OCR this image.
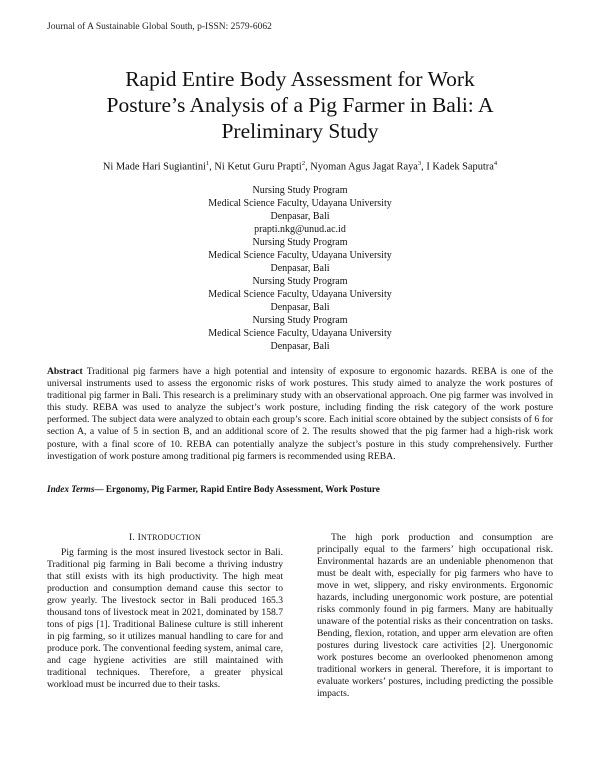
Journal of A Sustainable Global South, p-ISSN: 2579-6062
Rapid Entire Body Assessment for Work
Posture’s Analysis of a Pig Farmer in Bali: A
Preliminary Study
Ni Made Hari Sugiantini$^1$, Ni Ketut Guru Prapti$^2$, Nyoman Agus Jagat Raya$^3$, I Kadek Saputra$^4$
Nursing Study Program
Medical Science Faculty, Udayana University
Denpasar, Bali
prapti.nkg@unud.ac.id
Nursing Study Program
Medical Science Faculty, Udayana University
Denpasar, Bali
Nursing Study Program
Medical Science Faculty, Udayana University
Denpasar, Bali
Nursing Study Program
Medical Science Faculty, Udayana University
Denpasar, Bali
Abstract Traditional pig farmers have a high potential and intensity of exposure to ergonomic hazards. REBA is one of the universal instruments used to assess the ergonomic risks of work postures. This study aimed to analyze the work postures of traditional pig farmer in Bali. This research is a preliminary study with an observational approach. One pig farmer was involved in this study. REBA was used to analyze the subject’s work posture, including finding the risk category of the work posture performed. The subject data were analyzed to obtain each group’s score. Each initial score obtained by the subject consists of 6 for section A, a value of 5 in section B, and an additional score of 2. The results showed that the pig farmer had a high-risk work posture, with a final score of 10. REBA can potentially analyze the subject’s posture in this study comprehensively. Further investigation of work posture among traditional pig farmers is recommended using REBA.
Index Terms— Ergonomy, Pig Farmer, Rapid Entire Body Assessment, Work Posture
I. INTRODUCTION

Pig farming is the most insured livestock sector in Bali. Traditional pig farming in Bali become a thriving industry that still exists with its high productivity. The high meat production and consumption demand cause this sector to grow yearly. The livestock sector in Bali produced 165.3 thousand tons of livestock meat in 2021, dominated by 158.7 tons of pigs [1]. Traditional Balinese culture is still inherent in pig farming, so it utilizes manual handling to care for and produce pork. The conventional feeding system, animal care, and cage hygiene activities are still maintained with traditional techniques. Therefore, a greater physical workload must be incurred due to their tasks.

The high pork production and consumption are principally equal to the farmers’ high occupational risk. Environmental hazards are an undeniable phenomenon that must be dealt with, especially for pig farmers who have to move in wet, slippery, and risky environments. Ergonomic hazards, including unergonomic work posture, are potential risks commonly found in pig farmers. Many are habitually unaware of the potential risks as their concentration on tasks. Bending, flexion, rotation, and upper arm elevation are often postures during livestock care activities [2]. Unergonomic work postures become an overlooked phenomenon among traditional workers in general. Therefore, it is important to evaluate workers’ postures, including predicting the possible impacts.
